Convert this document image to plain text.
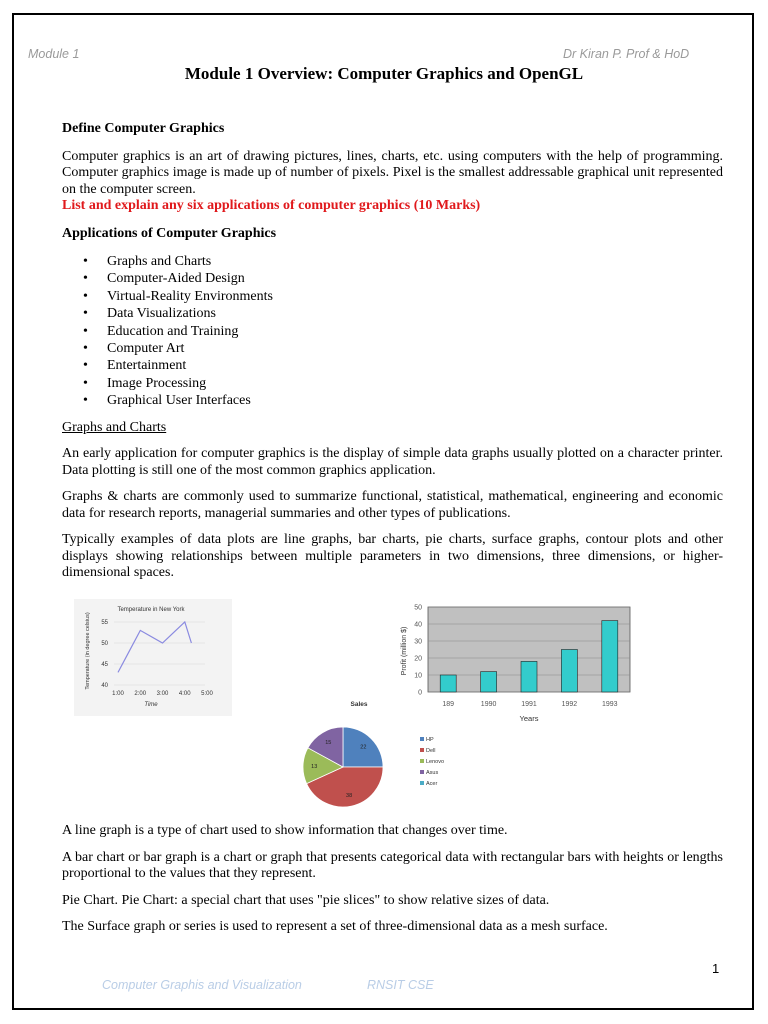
Module 1	Dr Kiran P. Prof & HoD
Module 1 Overview: Computer Graphics and OpenGL

Define Computer Graphics

Computer graphics is an art of drawing pictures, lines, charts, etc. using computers with the help of programming. Computer graphics image is made up of number of pixels. Pixel is the smallest addressable graphical unit represented on the computer screen.

List and explain any six applications of computer graphics (10 Marks)

Applications of Computer Graphics

• Graphs and Charts
• Computer-Aided Design
• Virtual-Reality Environments
• Data Visualizations
• Education and Training
• Computer Art
• Entertainment
• Image Processing
• Graphical User Interfaces

Graphs and Charts

An early application for computer graphics is the display of simple data graphs usually plotted on a character printer. Data plotting is still one of the most common graphics application.

Graphs & charts are commonly used to summarize functional, statistical, mathematical, engineering and economic data for research reports, managerial summaries and other types of publications.

Typically examples of data plots are line graphs, bar charts, pie charts, surface graphs, contour plots and other displays showing relationships between multiple parameters in two dimensions, three dimensions, or higher-dimensional spaces.

Temperature in New York
Temperature (in degree celsius)
Time
40
45
50
55
1:00 2:00 3:00 4:00 5:00	0
10
20
30
40
50
189	1990	1991	1992	1993
Profit (million $)
Years
Sales
22
38
13
15
HP
Dell
Lenovo
Asus
Acer

A line graph is a type of chart used to show information that changes over time.

A bar chart or bar graph is a chart or graph that presents categorical data with rectangular bars with heights or lengths proportional to the values that they represent.

Pie Chart. Pie Chart: a special chart that uses "pie slices" to show relative sizes of data.

The Surface graph or series is used to represent a set of three-dimensional data as a mesh surface.

1
Computer Graphis and Visualization	RNSIT CSE
